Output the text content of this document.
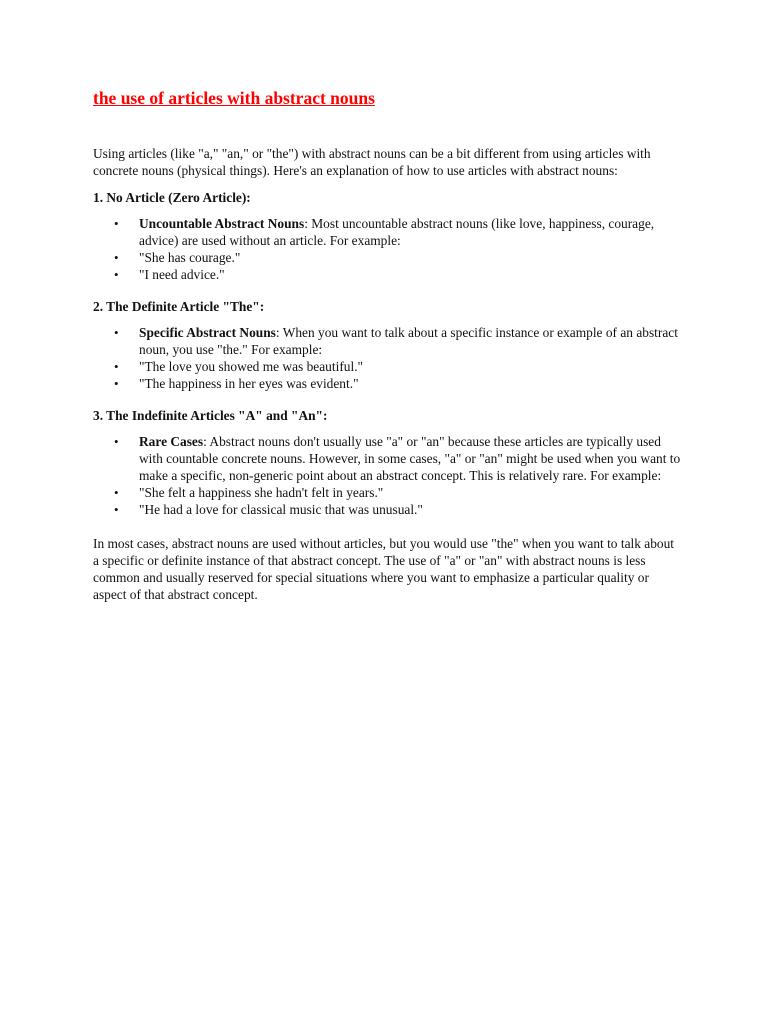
the use of articles with abstract nouns

Using articles (like "a," "an," or "the") with abstract nouns can be a bit different from using articles with concrete nouns (physical things). Here's an explanation of how to use articles with abstract nouns:

1. No Article (Zero Article):

• Uncountable Abstract Nouns: Most uncountable abstract nouns (like love, happiness, courage, advice) are used without an article. For example:
• "She has courage."
• "I need advice."

2. The Definite Article "The":

• Specific Abstract Nouns: When you want to talk about a specific instance or example of an abstract noun, you use "the." For example:
• "The love you showed me was beautiful."
• "The happiness in her eyes was evident."

3. The Indefinite Articles "A" and "An":

• Rare Cases: Abstract nouns don't usually use "a" or "an" because these articles are typically used with countable concrete nouns. However, in some cases, "a" or "an" might be used when you want to make a specific, non-generic point about an abstract concept. This is relatively rare. For example:
• "She felt a happiness she hadn't felt in years."
• "He had a love for classical music that was unusual."

In most cases, abstract nouns are used without articles, but you would use "the" when you want to talk about a specific or definite instance of that abstract concept. The use of "a" or "an" with abstract nouns is less common and usually reserved for special situations where you want to emphasize a particular quality or aspect of that abstract concept.
